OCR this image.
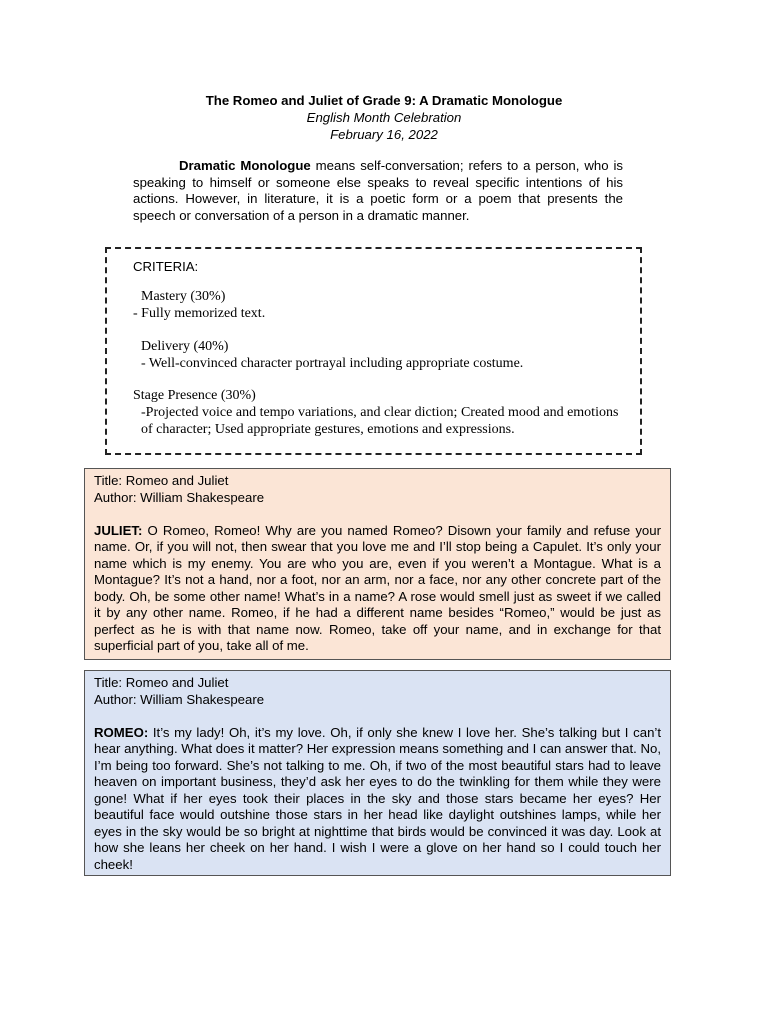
The Romeo and Juliet of Grade 9: A Dramatic Monologue
English Month Celebration
February 16, 2022
Dramatic Monologue means self-conversation; refers to a person, who is speaking to himself or someone else speaks to reveal specific intentions of his actions. However, in literature, it is a poetic form or a poem that presents the speech or conversation of a person in a dramatic manner.
CRITERIA:
Mastery (30%)
- Fully memorized text.
Delivery (40%)
- Well-convinced character portrayal including appropriate costume.
Stage Presence (30%)
-Projected voice and tempo variations, and clear diction; Created mood and emotions of character; Used appropriate gestures, emotions and expressions.

Title: Romeo and Juliet

Author: William Shakespeare

JULIET: O Romeo, Romeo! Why are you named Romeo? Disown your family and refuse your name. Or, if you will not, then swear that you love me and I’ll stop being a Capulet. It’s only your name which is my enemy. You are who you are, even if you weren’t a Montague. What is a Montague? It’s not a hand, nor a foot, nor an arm, nor a face, nor any other concrete part of the body. Oh, be some other name! What’s in a name? A rose would smell just as sweet if we called it by any other name. Romeo, if he had a different name besides “Romeo,” would be just as perfect as he is with that name now. Romeo, take off your name, and in exchange for that superficial part of you, take all of me.

Title: Romeo and Juliet

Author: William Shakespeare

ROMEO: It’s my lady! Oh, it’s my love. Oh, if only she knew I love her. She’s talking but I can’t hear anything. What does it matter? Her expression means something and I can answer that. No, I’m being too forward. She’s not talking to me. Oh, if two of the most beautiful stars had to leave heaven on important business, they’d ask her eyes to do the twinkling for them while they were gone! What if her eyes took their places in the sky and those stars became her eyes? Her beautiful face would outshine those stars in her head like daylight outshines lamps, while her eyes in the sky would be so bright at nighttime that birds would be convinced it was day. Look at how she leans her cheek on her hand. I wish I were a glove on her hand so I could touch her cheek!
